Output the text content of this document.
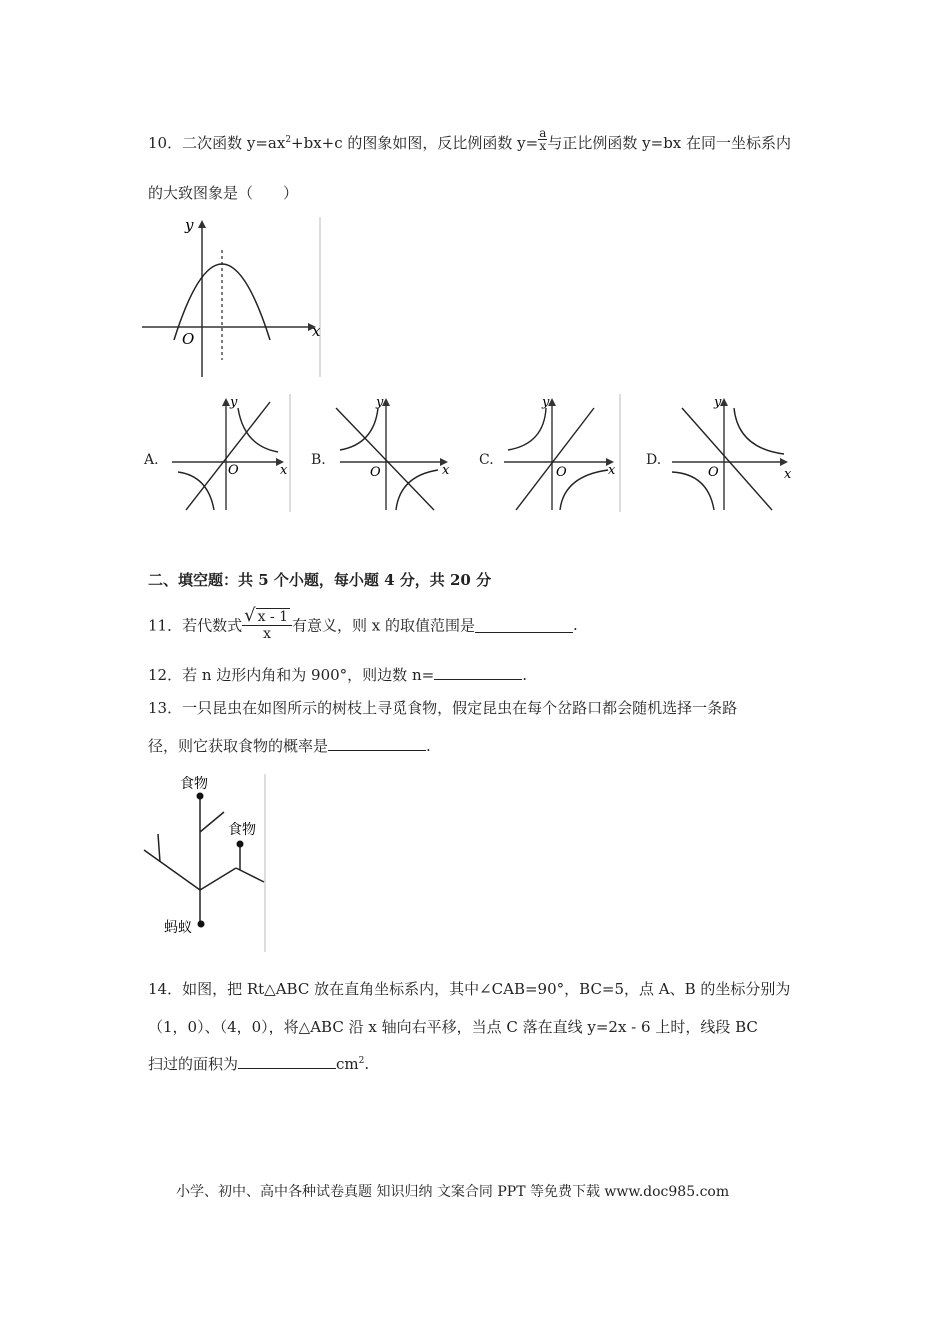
10．二次函数 $y=ax^2+bx+c$ 的图象如图，反比例函数 $y= \frac{a}{x}$ 与正比例函数 y=bx 在同一坐标系内
的大致图象是（　　）
y
x
O
A.	B.	C.	D.
y
x
O
y
x
O
y
x
O
y
x
O
二、填空题：共 5 个小题，每小题 4 分，共 20 分
11．若代数式 $\frac{√ x - 1}{x}$ 有意义，则 x 的取值范围是	.
12．若 n 边形内角和为 900°，则边数 n=	.
13．一只昆虫在如图所示的树枝上寻觅食物，假定昆虫在每个岔路口都会随机选择一条路
径，则它获取食物的概率是	.
食物
食物
蚂蚁
14．如图，把 Rt△ABC 放在直角坐标系内，其中∠CAB=90°，BC=5，点 A、B 的坐标分别为
（1，0）、（4，0），将△ABC 沿 x 轴向右平移，当点 C 落在直线 y=2x - 6 上时，线段 BC
扫过的面积为	$cm^2$.
小学、初中、高中各种试卷真题 知识归纳 文案合同 PPT 等免费下载 www.doc985.com
